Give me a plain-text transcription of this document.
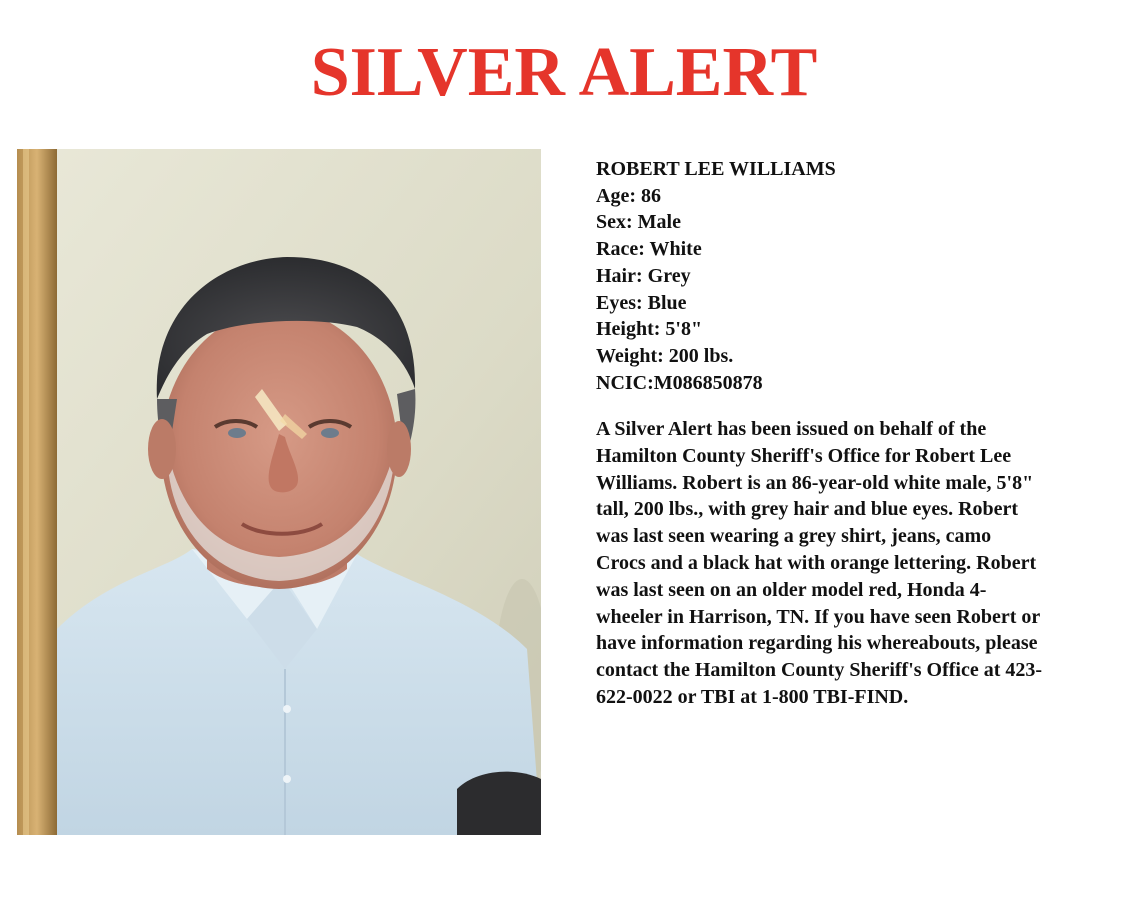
SILVER ALERT
ROBERT LEE WILLIAMS
Age: 86
Sex: Male
Race: White
Hair: Grey
Eyes: Blue
Height: 5'8"
Weight: 200 lbs.
NCIC:M086850878
A Silver Alert has been issued on behalf of the
Hamilton County Sheriff's Office for Robert Lee
Williams. Robert is an 86-year-old white male, 5'8"
tall, 200 lbs., with grey hair and blue eyes. Robert
was last seen wearing a grey shirt, jeans, camo
Crocs and a black hat with orange lettering. Robert
was last seen on an older model red, Honda 4-
wheeler in Harrison, TN. If you have seen Robert or
have information regarding his whereabouts, please
contact the Hamilton County Sheriff's Office at 423-
622-0022 or TBI at 1-800 TBI-FIND.
